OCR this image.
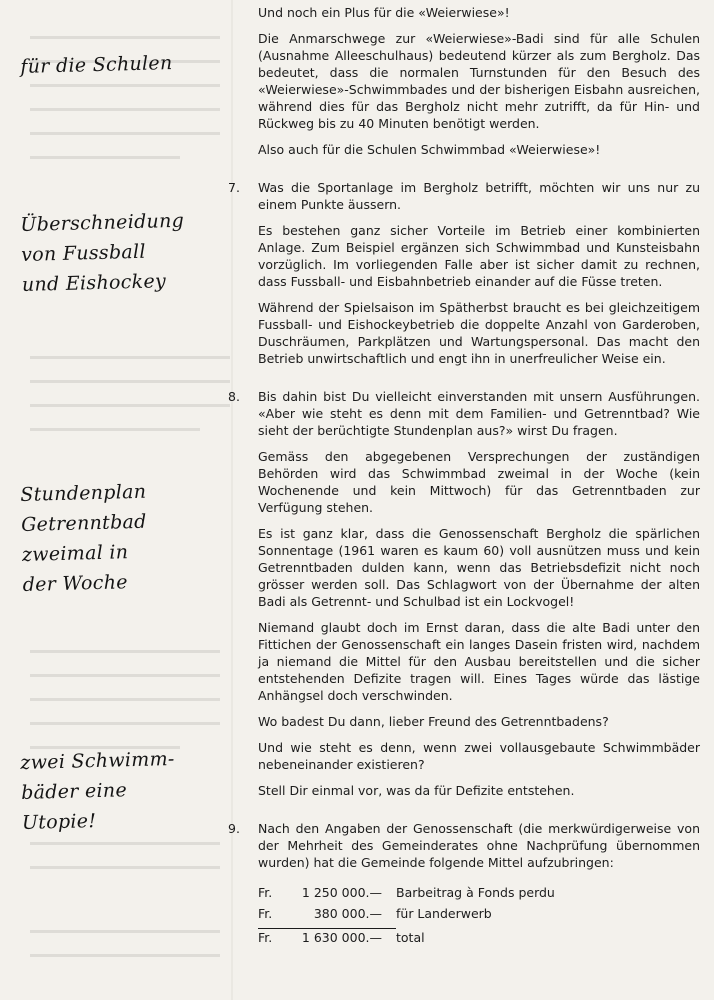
für die Schulen
Überschneidung
von Fussball
und Eishockey
Stundenplan
Getrenntbad
zweimal in
der Woche
zwei Schwimm-
bäder eine
Utopie!

Und noch ein Plus für die «Weierwiese»!

Die Anmarschwege zur «Weierwiese»-Badi sind für alle Schulen (Ausnahme Alleeschulhaus) bedeutend kürzer als zum Bergholz. Das bedeutet, dass die normalen Turnstunden für den Besuch des «Weierwiese»-Schwimmbades und der bisherigen Eisbahn ausreichen, während dies für das Bergholz nicht mehr zutrifft, da für Hin- und Rückweg bis zu 40 Minuten benötigt werden.

Also auch für die Schulen Schwimmbad «Weierwiese»!

7. Was die Sportanlage im Bergholz betrifft, möchten wir uns nur zu einem Punkte äussern.

Es bestehen ganz sicher Vorteile im Betrieb einer kombinierten Anlage. Zum Beispiel ergänzen sich Schwimmbad und Kunsteisbahn vorzüglich. Im vorliegenden Falle aber ist sicher damit zu rechnen, dass Fussball- und Eisbahnbetrieb einander auf die Füsse treten.

Während der Spielsaison im Spätherbst braucht es bei gleichzeitigem Fussball- und Eishockeybetrieb die doppelte Anzahl von Garderoben, Duschräumen, Parkplätzen und Wartungspersonal. Das macht den Betrieb unwirtschaftlich und engt ihn in unerfreulicher Weise ein.

8. Bis dahin bist Du vielleicht einverstanden mit unsern Ausführungen. «Aber wie steht es denn mit dem Familien- und Getrenntbad? Wie sieht der berüchtigte Stundenplan aus?» wirst Du fragen.

Gemäss den abgegebenen Versprechungen der zuständigen Behörden wird das Schwimmbad zweimal in der Woche (kein Wochenende und kein Mittwoch) für das Getrenntbaden zur Verfügung stehen.

Es ist ganz klar, dass die Genossenschaft Bergholz die spärlichen Sonnentage (1961 waren es kaum 60) voll ausnützen muss und kein Getrenntbaden dulden kann, wenn das Betriebsdefizit nicht noch grösser werden soll. Das Schlagwort von der Übernahme der alten Badi als Getrennt- und Schulbad ist ein Lockvogel!

Niemand glaubt doch im Ernst daran, dass die alte Badi unter den Fittichen der Genossenschaft ein langes Dasein fristen wird, nachdem ja niemand die Mittel für den Ausbau bereitstellen und die sicher entstehenden Defizite tragen will. Eines Tages würde das lästige Anhängsel doch verschwinden.

Wo badest Du dann, lieber Freund des Getrenntbadens?

Und wie steht es denn, wenn zwei vollausgebaute Schwimmbäder nebeneinander existieren?

Stell Dir einmal vor, was da für Defizite entstehen.

9. Nach den Angaben der Genossenschaft (die merkwürdigerweise von der Mehrheit des Gemeinderates ohne Nachprüfung übernommen wurden) hat die Gemeinde folgende Mittel aufzubringen:

Fr.	1 250 000.—	Barbeitrag à Fonds perdu
Fr.	380 000.—	für Landerwerb
Fr.	1 630 000.—	total
